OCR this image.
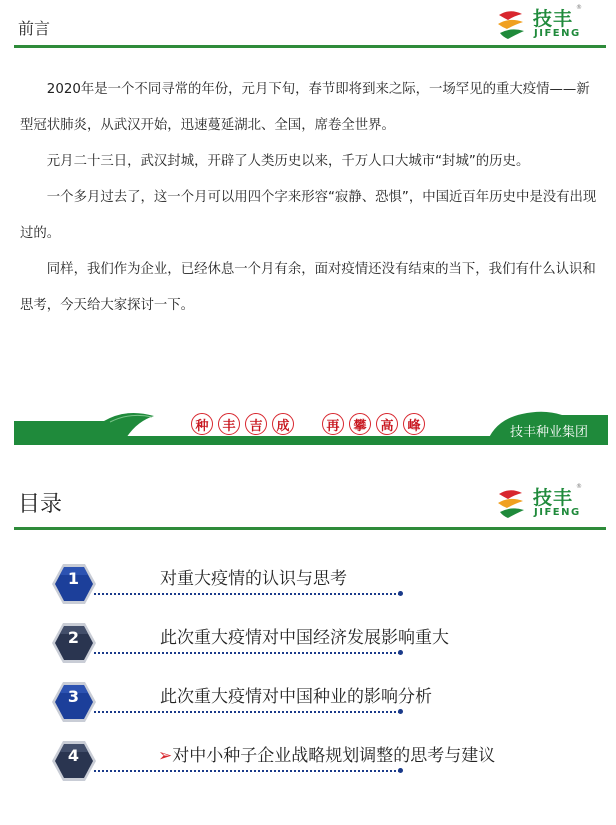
前言	技丰
®
JIFENG

2020年是一个不同寻常的年份，元月下旬，春节即将到来之际，一场罕见的重大疫情——新型冠状肺炎，从武汉开始，迅速蔓延湖北、全国，席卷全世界。

元月二十三日，武汉封城，开辟了人类历史以来，千万人口大城市“封城”的历史。

一个多月过去了，这一个月可以用四个字来形容“寂静、恐惧”，中国近百年历史中是没有出现过的。

同样，我们作为企业，已经休息一个月有余，面对疫情还没有结束的当下，我们有什么认识和思考，今天给大家探讨一下。

种	丰	吉	成	再	攀	高	峰	技丰种业集团
目录	技丰
®
JIFENG
1	对重大疫情的认识与思考
2	此次重大疫情对中国经济发展影响重大
3	此次重大疫情对中国种业的影响分析
4	➢对中小种子企业战略规划调整的思考与建议
